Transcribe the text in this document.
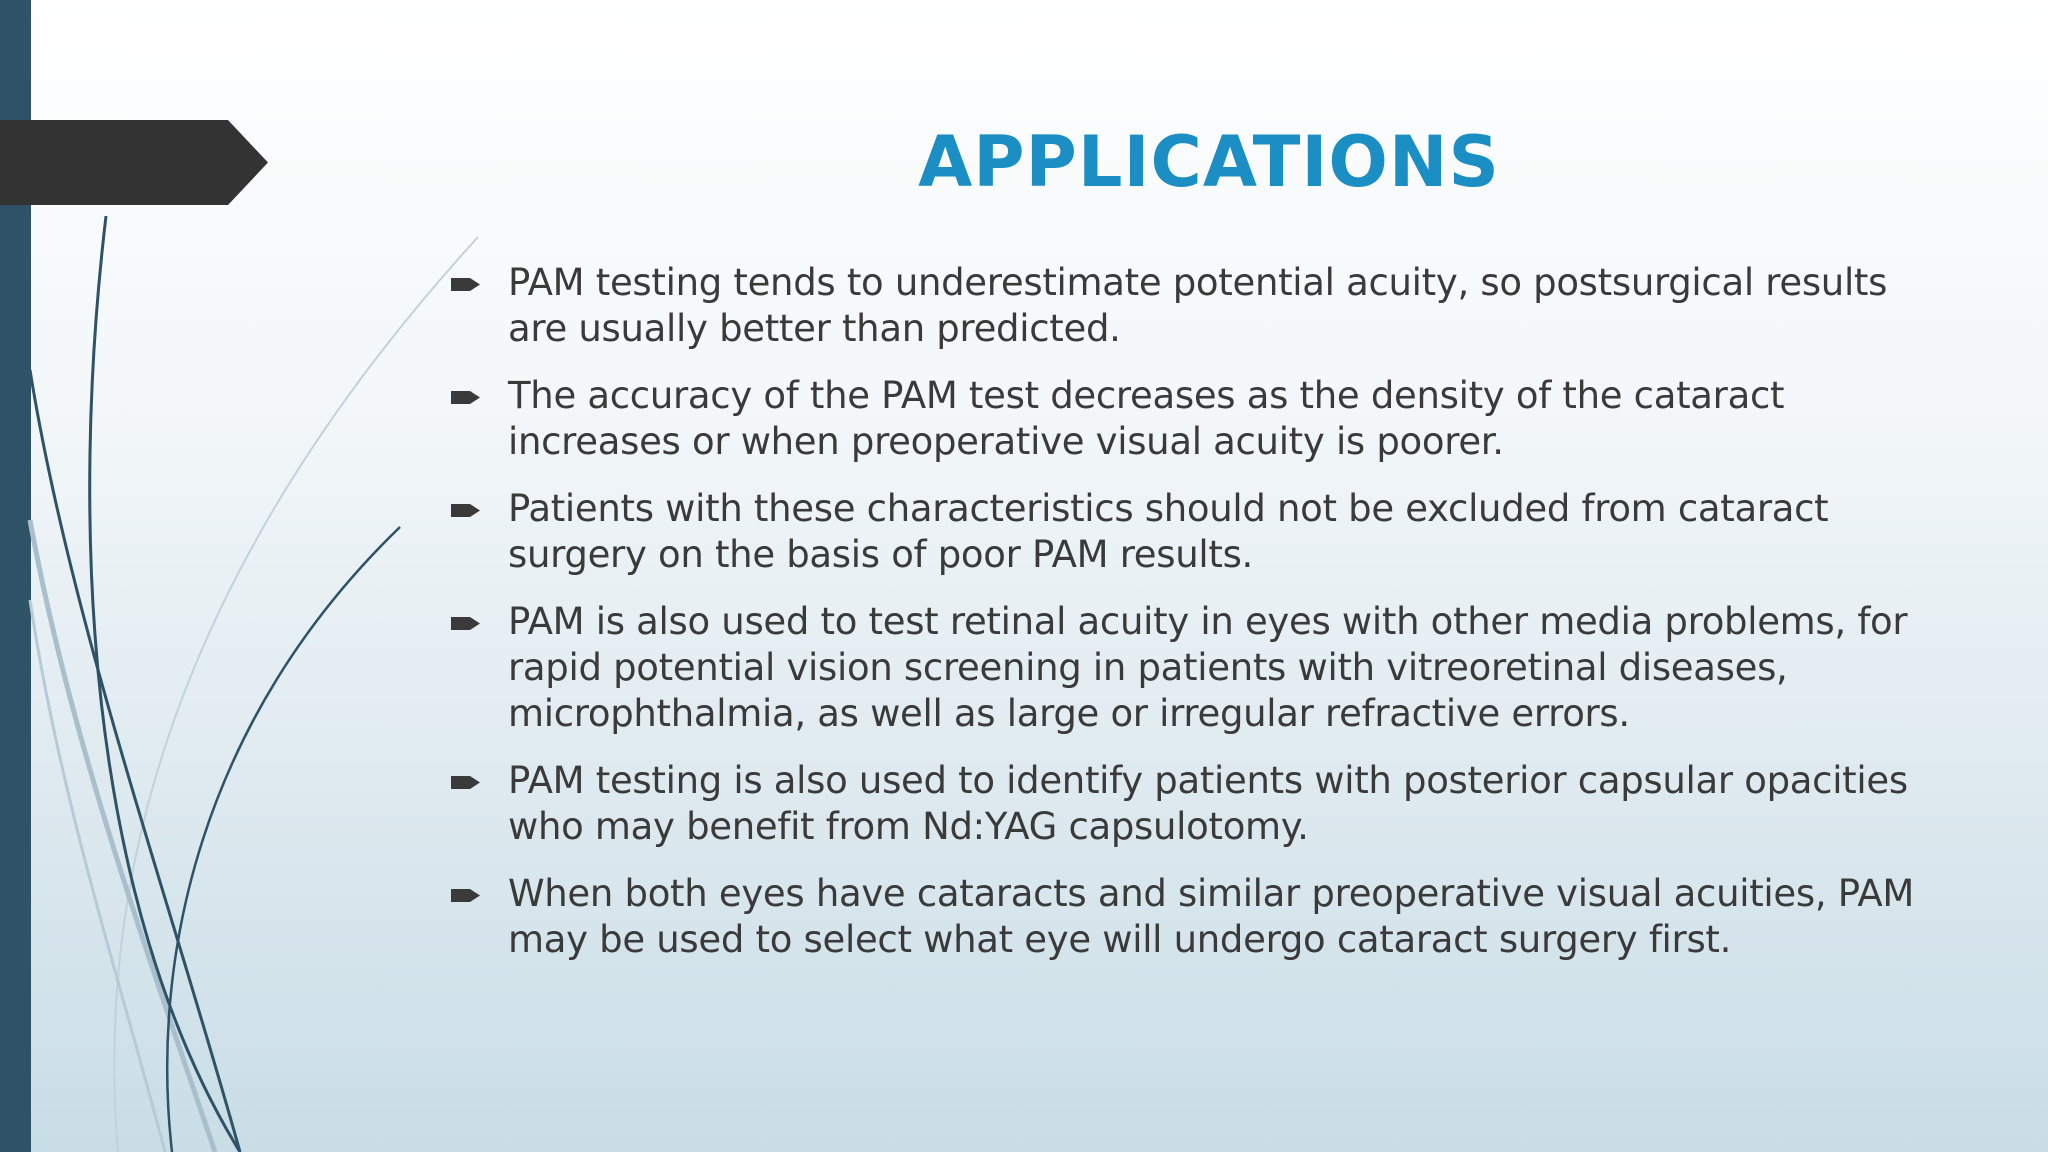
APPLICATIONS
PAM testing tends to underestimate potential acuity, so postsurgical results are usually better than predicted.
The accuracy of the PAM test decreases as the density of the cataract increases or when preoperative visual acuity is poorer.
Patients with these characteristics should not be excluded from cataract surgery on the basis of poor PAM results.
PAM is also used to test retinal acuity in eyes with other media problems, for rapid potential vision screening in patients with vitreoretinal diseases, microphthalmia, as well as large or irregular refractive errors.
PAM testing is also used to identify patients with posterior capsular opacities who may benefit from Nd:YAG capsulotomy.
When both eyes have cataracts and similar preoperative visual acuities, PAM may be used to select what eye will undergo cataract surgery first.
